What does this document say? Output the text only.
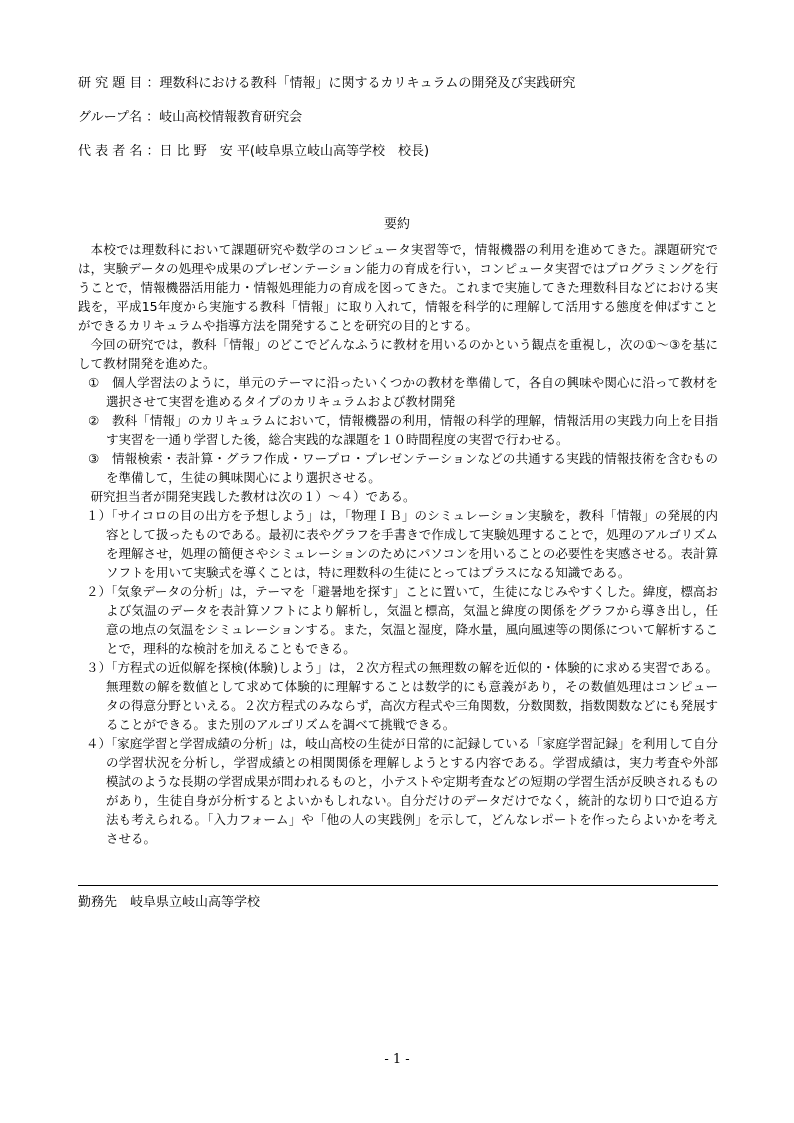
研 究 題 目 ：理数科における教科「情報」に関するカリキュラムの開発及び実践研究
グループ名 ：岐山高校情報教育研究会
代 表 者 名 ：日 比 野　安 平(岐阜県立岐山高等学校　校長)
要約

本校では理数科において課題研究や数学のコンピュータ実習等で，情報機器の利用を進めてきた。課題研究では，実験データの処理や成果のプレゼンテーション能力の育成を行い，コンピュータ実習ではプログラミングを行うことで，情報機器活用能力・情報処理能力の育成を図ってきた。これまで実施してきた理数科目などにおける実践を，平成15年度から実施する教科「情報」に取り入れて，情報を科学的に理解して活用する態度を伸ばすことができるカリキュラムや指導方法を開発することを研究の目的とする。

今回の研究では，教科「情報」のどこでどんなふうに教材を用いるのかという観点を重視し，次の①～③を基にして教材開発を進めた。

①　個人学習法のように，単元のテーマに沿ったいくつかの教材を準備して，各自の興味や関心に沿って教材を選択させて実習を進めるタイプのカリキュラムおよび教材開発

②　教科「情報」のカリキュラムにおいて，情報機器の利用，情報の科学的理解，情報活用の実践力向上を目指す実習を一通り学習した後，総合実践的な課題を１０時間程度の実習で行わせる。

③　情報検索・表計算・グラフ作成・ワープロ・プレゼンテーションなどの共通する実践的情報技術を含むものを準備して，生徒の興味関心により選択させる。

研究担当者が開発実践した教材は次の１）～４）である。

１）「サイコロの目の出方を予想しよう」は，「物理ＩＢ」のシミュレーション実験を，教科「情報」の発展的内容として扱ったものである。最初に表やグラフを手書きで作成して実験処理することで，処理のアルゴリズムを理解させ，処理の簡便さやシミュレーションのためにパソコンを用いることの必要性を実感させる。表計算ソフトを用いて実験式を導くことは，特に理数科の生徒にとってはプラスになる知識である。

２）「気象データの分析」は，テーマを「避暑地を探す」ことに置いて，生徒になじみやすくした。緯度，標高および気温のデータを表計算ソフトにより解析し，気温と標高，気温と緯度の関係をグラフから導き出し，任意の地点の気温をシミュレーションする。また，気温と湿度，降水量，風向風速等の関係について解析することで，理科的な検討を加えることもできる。

３）「方程式の近似解を探検(体験)しよう」は，２次方程式の無理数の解を近似的・体験的に求める実習である。無理数の解を数値として求めて体験的に理解することは数学的にも意義があり，その数値処理はコンピュータの得意分野といえる。２次方程式のみならず，高次方程式や三角関数，分数関数，指数関数などにも発展することができる。また別のアルゴリズムを調べて挑戦できる。

４）「家庭学習と学習成績の分析」は，岐山高校の生徒が日常的に記録している「家庭学習記録」を利用して自分の学習状況を分析し，学習成績との相関関係を理解しようとする内容である。学習成績は，実力考査や外部模試のような長期の学習成果が問われるものと，小テストや定期考査などの短期の学習生活が反映されるものがあり，生徒自身が分析するとよいかもしれない。自分だけのデータだけでなく，統計的な切り口で迫る方法も考えられる。「入力フォーム」や「他の人の実践例」を示して，どんなレポートを作ったらよいかを考えさせる。

勤務先　岐阜県立岐山高等学校
- 1 -
